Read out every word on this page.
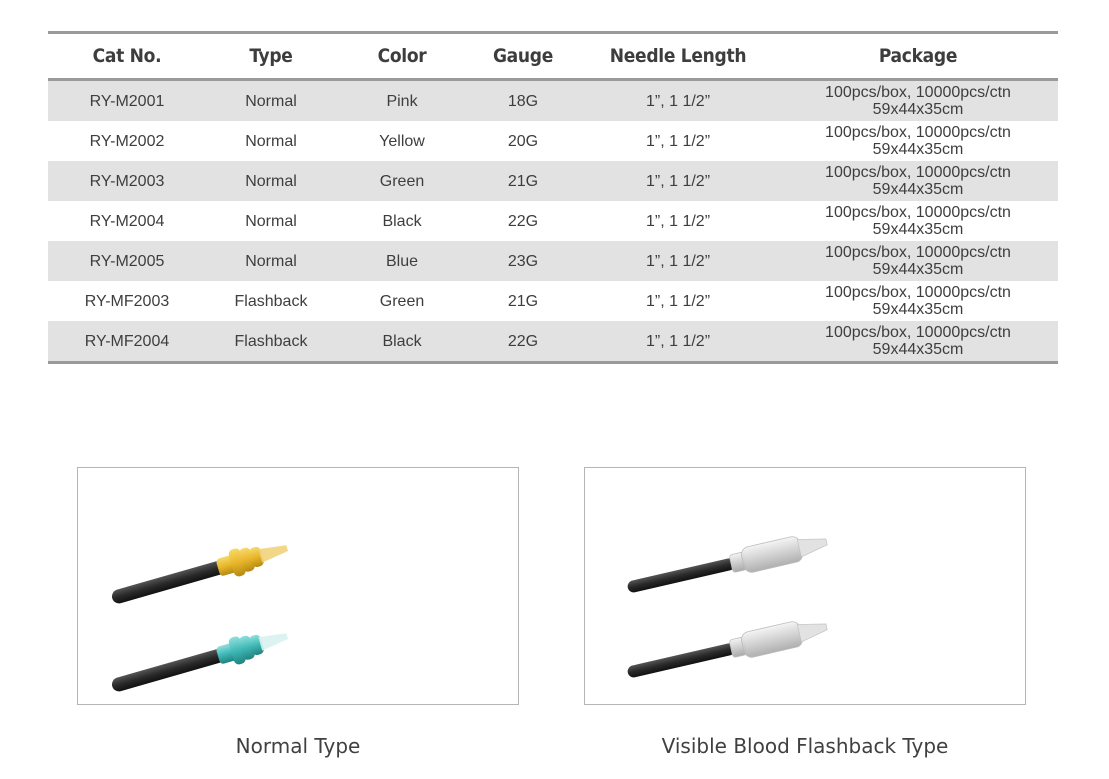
Cat No.	Type	Color	Gauge	Needle Length	Package
RY-M2001	Normal	Pink	18G	1”, 1 1/2”	100pcs/box, 10000pcs/ctn
59x44x35cm

RY-M2002	Normal	Yellow	20G	1”, 1 1/2”	100pcs/box, 10000pcs/ctn
59x44x35cm

RY-M2003	Normal	Green	21G	1”, 1 1/2”	100pcs/box, 10000pcs/ctn
59x44x35cm

RY-M2004	Normal	Black	22G	1”, 1 1/2”	100pcs/box, 10000pcs/ctn
59x44x35cm

RY-M2005	Normal	Blue	23G	1”, 1 1/2”	100pcs/box, 10000pcs/ctn
59x44x35cm

RY-MF2003	Flashback	Green	21G	1”, 1 1/2”	100pcs/box, 10000pcs/ctn
59x44x35cm

RY-MF2004	Flashback	Black	22G	1”, 1 1/2”	100pcs/box, 10000pcs/ctn
59x44x35cm
Normal Type	Visible Blood Flashback Type
